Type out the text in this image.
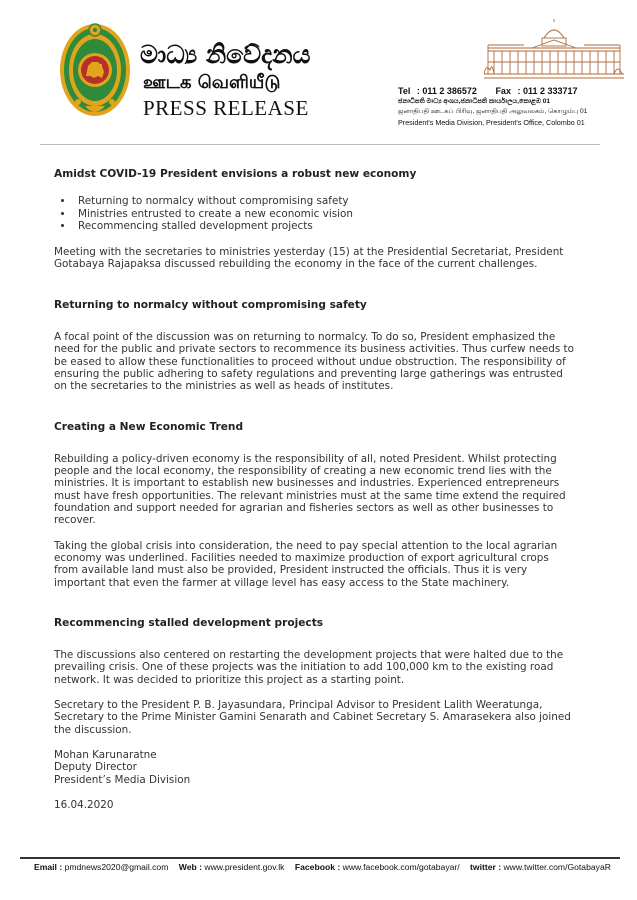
මාධ්‍ය නිවේදනය
ஊடக வெளியீடு
PRESS RELEASE
Tel : 011 2 386572 Fax : 011 2 333717
ජනාධිපති මාධ්‍ය අංශය,ජනාධිපති කාර්යාලය,කොළඹ 01
ஜனாதிபதி ஊடகப் பிரிவு, ஜனாதிபதி அலுவலகம், கொழும்பு 01
President's Media Division, President's Office, Colombo 01
Amidst COVID-19 President envisions a robust new economy
• Returning to normalcy without compromising safety
• Ministries entrusted to create a new economic vision
• Recommencing stalled development projects

Meeting with the secretaries to ministries yesterday (15) at the Presidential Secretariat, President Gotabaya Rajapaksa discussed rebuilding the economy in the face of the current challenges.

Returning to normalcy without compromising safety

A focal point of the discussion was on returning to normalcy. To do so, President emphasized the need for the public and private sectors to recommence its business activities. Thus curfew needs to be eased to allow these functionalities to proceed without undue obstruction. The responsibility of ensuring the public adhering to safety regulations and preventing large gatherings was entrusted on the secretaries to the ministries as well as heads of institutes.

Creating a New Economic Trend

Rebuilding a policy-driven economy is the responsibility of all, noted President. Whilst protecting people and the local economy, the responsibility of creating a new economic trend lies with the ministries. It is important to establish new businesses and industries. Experienced entrepreneurs must have fresh opportunities. The relevant ministries must at the same time extend the required foundation and support needed for agrarian and fisheries sectors as well as other businesses to recover.

Taking the global crisis into consideration, the need to pay special attention to the local agrarian economy was underlined. Facilities needed to maximize production of export agricultural crops from available land must also be provided, President instructed the officials. Thus it is very important that even the farmer at village level has easy access to the State machinery.

Recommencing stalled development projects

The discussions also centered on restarting the development projects that were halted due to the prevailing crisis. One of these projects was the initiation to add 100,000 km to the existing road network. It was decided to prioritize this project as a starting point.

Secretary to the President P. B. Jayasundara, Principal Advisor to President Lalith Weeratunga, Secretary to the Prime Minister Gamini Senarath and Cabinet Secretary S. Amarasekera also joined the discussion.

Mohan Karunaratne
Deputy Director
President’s Media Division
16.04.2020
Email : pmdnews2020@gmail.com Web : www.president.gov.lk Facebook : www.facebook.com/gotabayar/ twitter : www.twitter.com/GotabayaR
